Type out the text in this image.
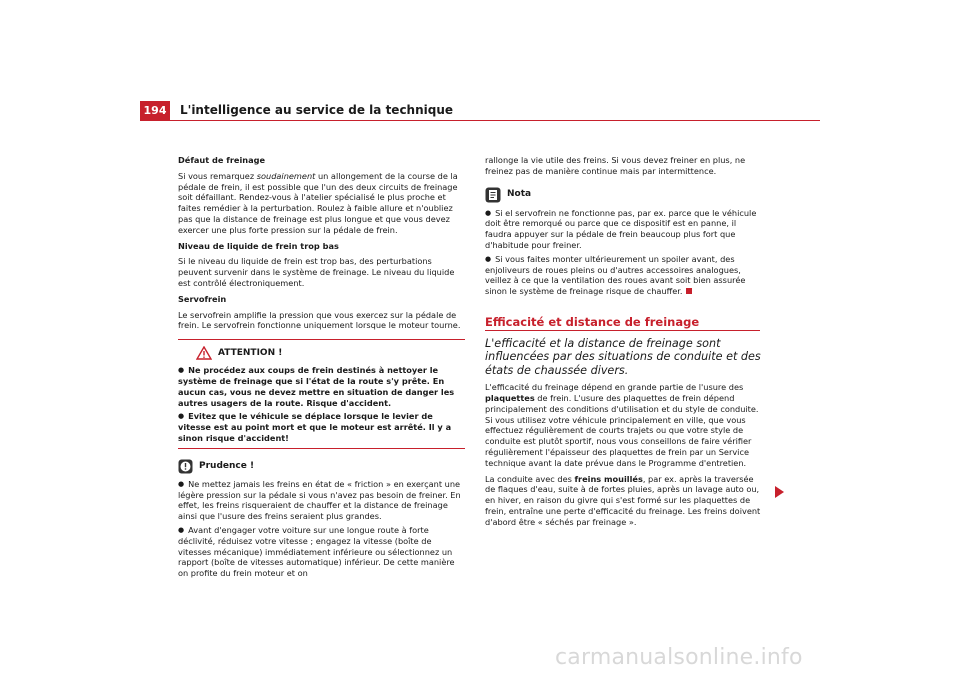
194 L'intelligence au service de la technique

Défaut de freinage

Si vous remarquez soudainement un allongement de la course de la pédale de frein, il est possible que l'un des deux circuits de freinage soit défaillant. Rendez-vous à l'atelier spécialisé le plus proche et faites remédier à la perturbation. Roulez à faible allure et n'oubliez pas que la distance de freinage est plus longue et que vous devez exercer une plus forte pression sur la pédale de frein.

Niveau de liquide de frein trop bas

Si le niveau du liquide de frein est trop bas, des perturbations peuvent survenir dans le système de freinage. Le niveau du liquide est contrôlé électroniquement.

Servofrein

Le servofrein amplifie la pression que vous exercez sur la pédale de frein. Le servofrein fonctionne uniquement lorsque le moteur tourne.

ATTENTION !
● Ne procédez aux coups de frein destinés à nettoyer le système de freinage que si l'état de la route s'y prête. En aucun cas, vous ne devez mettre en situation de danger les autres usagers de la route. Risque d'accident.
● Evitez que le véhicule se déplace lorsque le levier de vitesse est au point mort et que le moteur est arrêté. Il y a sinon risque d'accident!
Prudence !
● Ne mettez jamais les freins en état de « friction » en exerçant une légère pression sur la pédale si vous n'avez pas besoin de freiner. En effet, les freins risqueraient de chauffer et la distance de freinage ainsi que l'usure des freins seraient plus grandes.
● Avant d'engager votre voiture sur une longue route à forte déclivité, réduisez votre vitesse ; engagez la vitesse (boîte de vitesses mécanique) immédiatement inférieure ou sélectionnez un rapport (boîte de vitesses automatique) inférieur. De cette manière on profite du frein moteur et on

rallonge la vie utile des freins. Si vous devez freiner en plus, ne freinez pas de manière continue mais par intermittence.

Nota
● Si el servofrein ne fonctionne pas, par ex. parce que le véhicule doit être remorqué ou parce que ce dispositif est en panne, il faudra appuyer sur la pédale de frein beaucoup plus fort que d'habitude pour freiner.
● Si vous faites monter ultérieurement un spoiler avant, des enjoliveurs de roues pleins ou d'autres accessoires analogues, veillez à ce que la ventilation des roues avant soit bien assurée sinon le système de freinage risque de chauffer.
Efficacité et distance de freinage

L'efficacité et la distance de freinage sont influencées par des situations de conduite et des états de chaussée divers.

L'efficacité du freinage dépend en grande partie de l'usure des plaquettes de frein. L'usure des plaquettes de frein dépend principalement des conditions d'utilisation et du style de conduite. Si vous utilisez votre véhicule principalement en ville, que vous effectuez régulièrement de courts trajets ou que votre style de conduite est plutôt sportif, nous vous conseillons de faire vérifier régulièrement l'épaisseur des plaquettes de frein par un Service technique avant la date prévue dans le Programme d'entretien.

La conduite avec des freins mouillés, par ex. après la traversée de flaques d'eau, suite à de fortes pluies, après un lavage auto ou, en hiver, en raison du givre qui s'est formé sur les plaquettes de frein, entraîne une perte d'efficacité du freinage. Les freins doivent d'abord être « séchés par freinage ».

carmanualsonline.info
